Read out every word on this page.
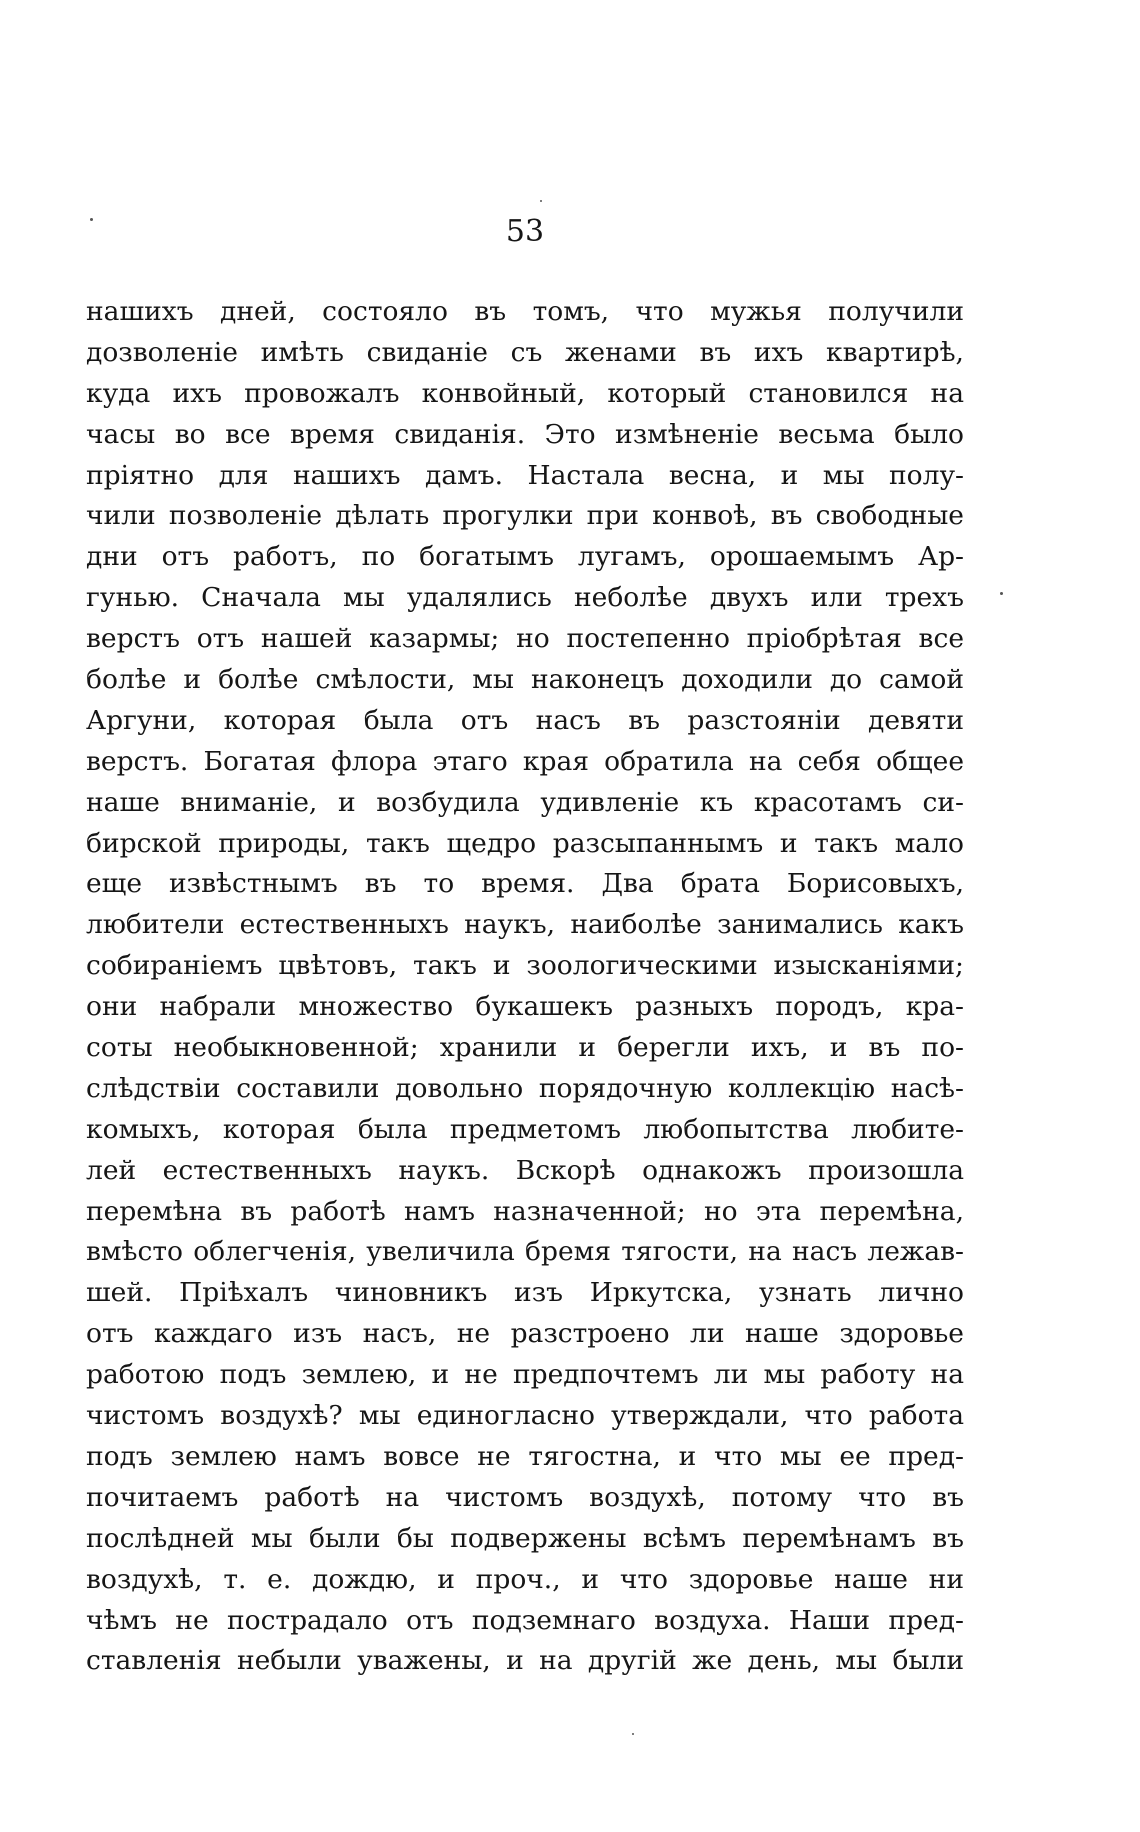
53
нашихъ дней, состояло въ томъ, что мужья получили
дозволенiе имѣть свиданiе съ женами въ ихъ квартирѣ,
куда ихъ провожалъ конвойный, который становился на
часы во все время свиданiя. Это измѣненiе весьма было
прiятно для нашихъ дамъ. Настала весна, и мы полу-
чили позволенiе дѣлать прогулки при конвоѣ, въ свободные
дни отъ работъ, по богатымъ лугамъ, орошаемымъ Ар-
гунью. Сначала мы удалялись неболѣе двухъ или трехъ
верстъ отъ нашей казармы; но постепенно прiобрѣтая все
болѣе и болѣе смѣлости, мы наконецъ доходили до самой
Аргуни, которая была отъ насъ въ разстоянiи девяти
верстъ. Богатая флора этаго края обратила на себя общее
наше вниманiе, и возбудила удивленiе къ красотамъ си-
бирской природы, такъ щедро разсыпаннымъ и такъ мало
еще извѣстнымъ въ то время. Два брата Борисовыхъ,
любители естественныхъ наукъ, наиболѣе занимались какъ
собиранiемъ цвѣтовъ, такъ и зоологическими изысканiями;
они набрали множество букашекъ разныхъ породъ, кра-
соты необыкновенной; хранили и берегли ихъ, и въ по-
слѣдствiи составили довольно порядочную коллекцiю насѣ-
комыхъ, которая была предметомъ любопытства любите-
лей естественныхъ наукъ. Вскорѣ однакожъ произошла
перемѣна въ работѣ намъ назначенной; но эта перемѣна,
вмѣсто облегченiя, увеличила бремя тягости, на насъ лежав-
шей. Прiѣхалъ чиновникъ изъ Иркутска, узнать лично
отъ каждаго изъ насъ, не разстроено ли наше здоровье
работою подъ землею, и не предпочтемъ ли мы работу на
чистомъ воздухѣ? мы единогласно утверждали, что работа
подъ землею намъ вовсе не тягостна, и что мы ее пред-
почитаемъ работѣ на чистомъ воздухѣ, потому что въ
послѣдней мы были бы подвержены всѣмъ перемѣнамъ въ
воздухѣ, т. е. дождю, и проч., и что здоровье наше ни
чѣмъ не пострадало отъ подземнаго воздуха. Наши пред-
ставленiя небыли уважены, и на другiй же день, мы были
